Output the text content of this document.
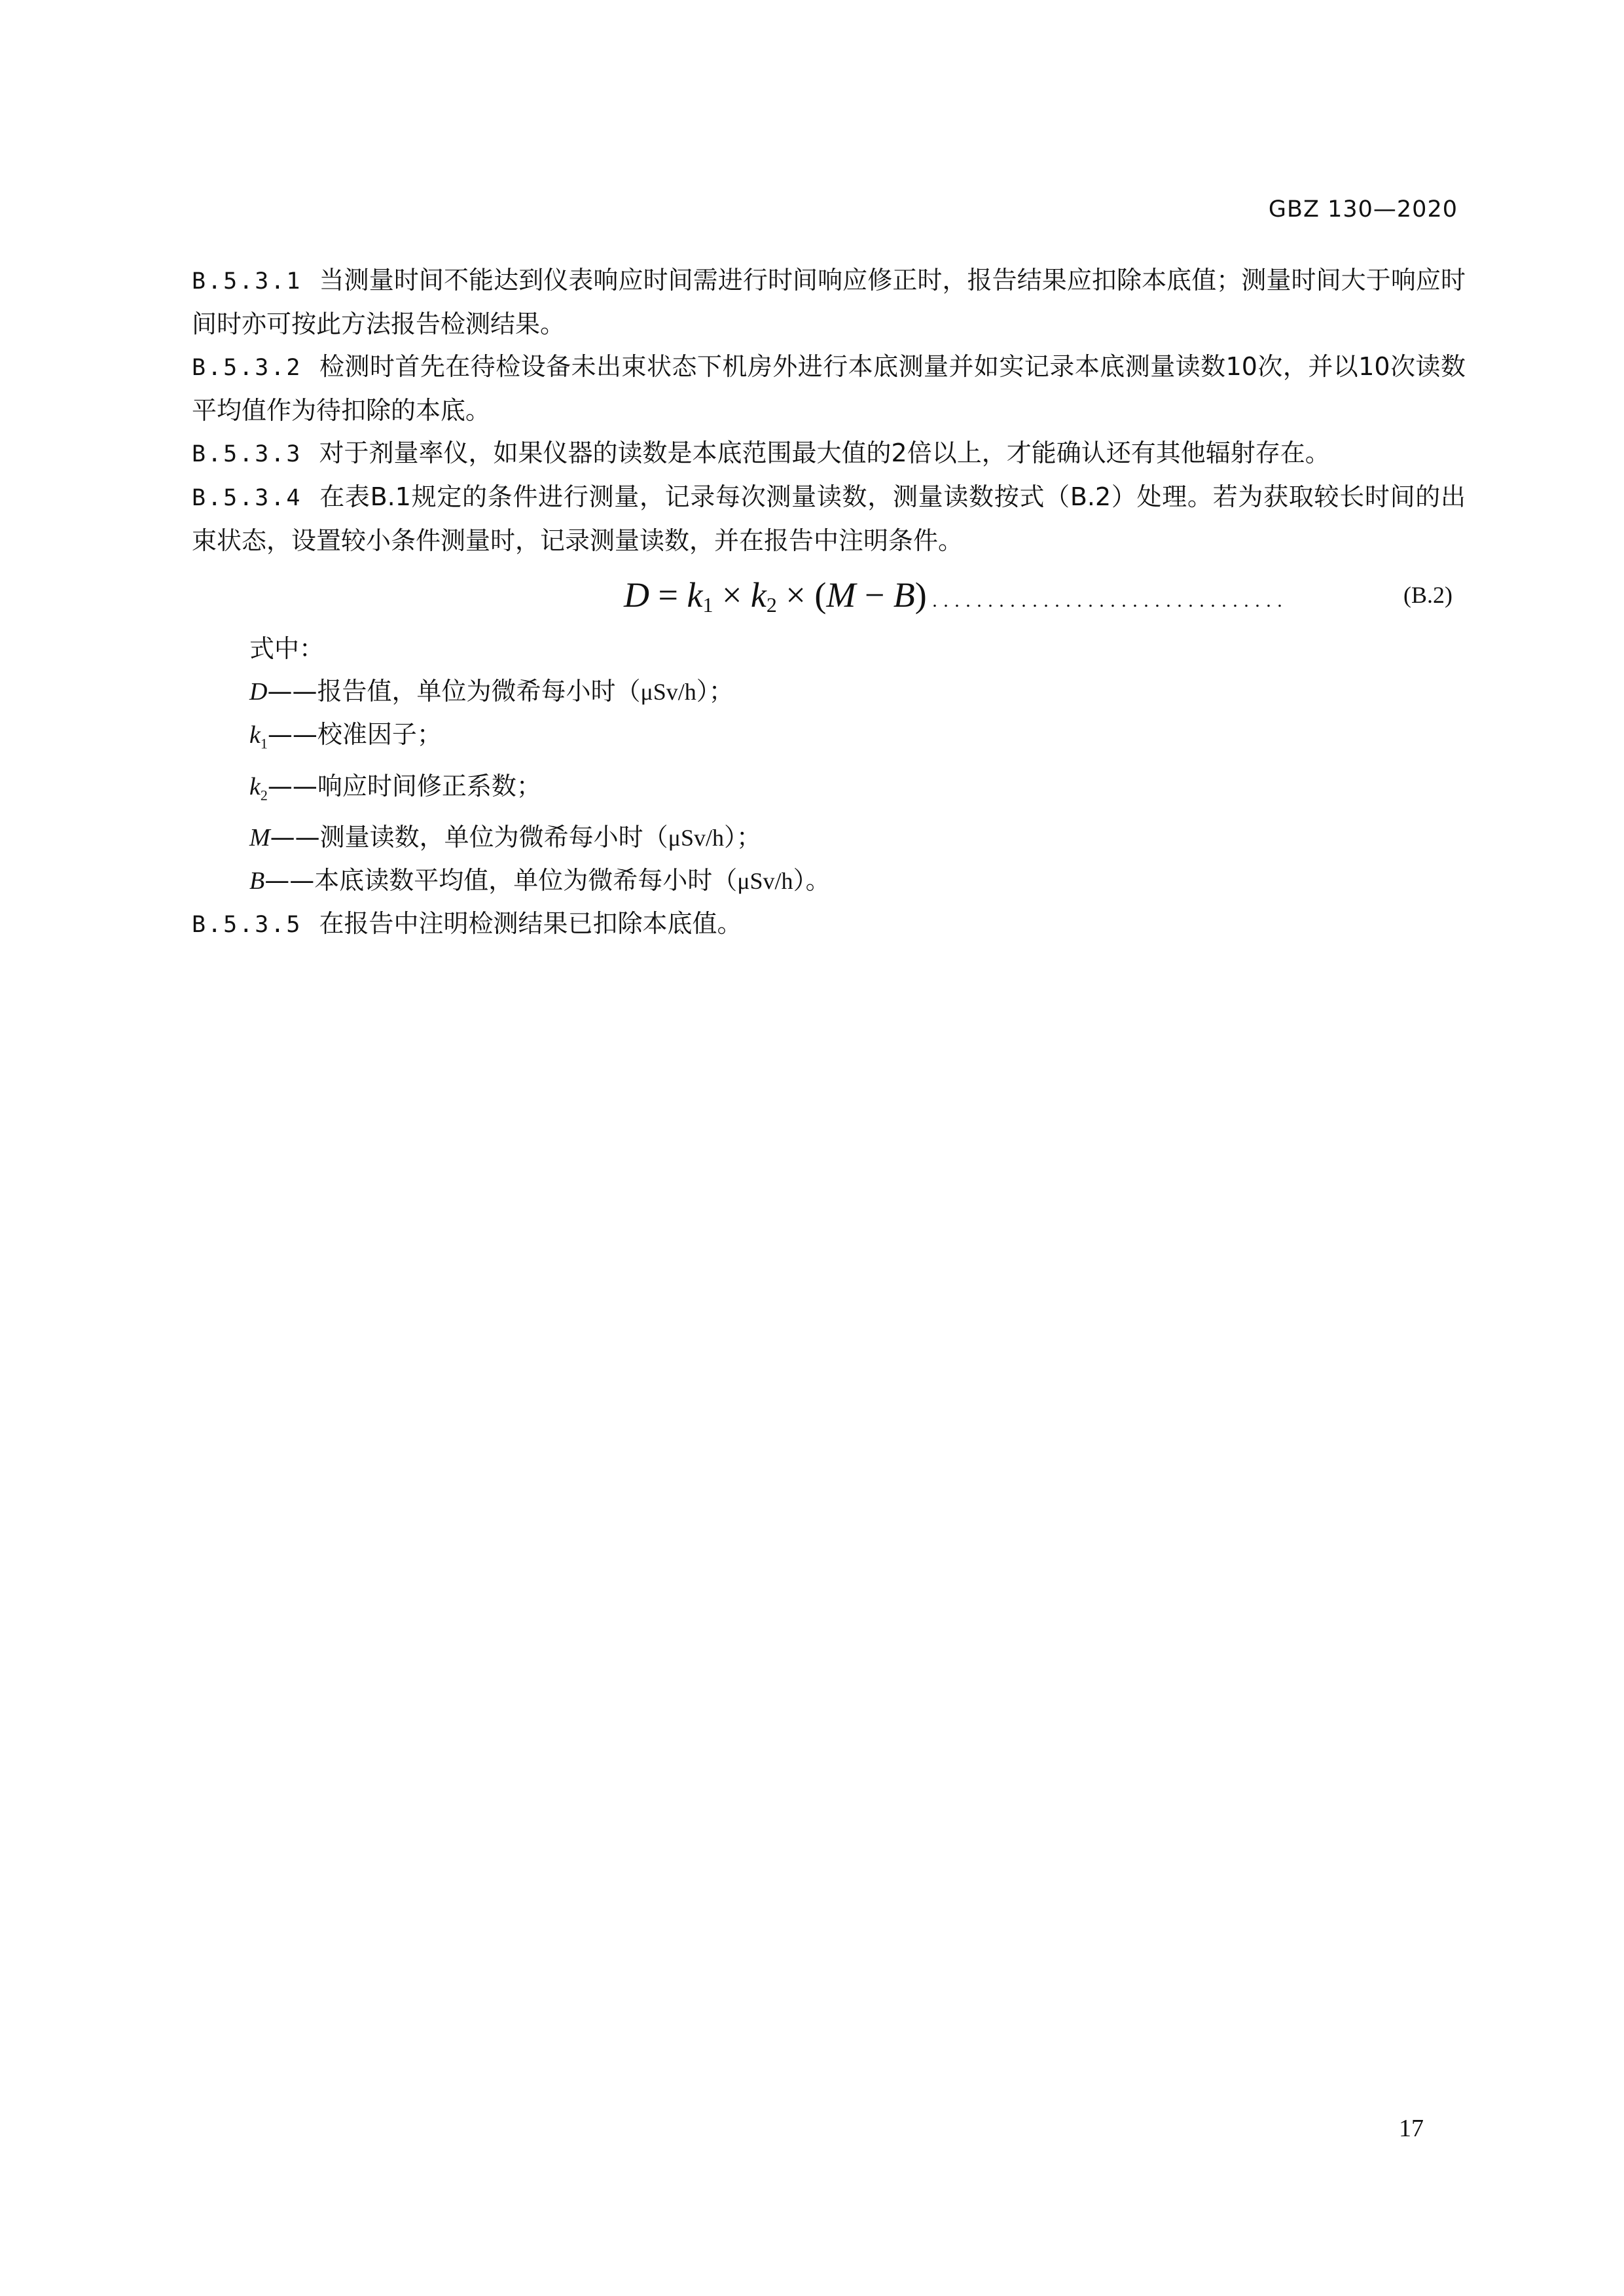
GBZ 130—2020

B.5.3.1 当测量时间不能达到仪表响应时间需进行时间响应修正时，报告结果应扣除本底值；测量时间大于响应时间时亦可按此方法报告检测结果。

B.5.3.2 检测时首先在待检设备未出束状态下机房外进行本底测量并如实记录本底测量读数10次，并以10次读数平均值作为待扣除的本底。

B.5.3.3 对于剂量率仪，如果仪器的读数是本底范围最大值的2倍以上，才能确认还有其他辐射存在。

B.5.3.4 在表B.1规定的条件进行测量，记录每次测量读数，测量读数按式（B.2）处理。若为获取较长时间的出束状态，设置较小条件测量时，记录测量读数，并在报告中注明条件。

$D = k_1 \times k_2 \times (M - B)$ . . . . . . . . . . . . . . . . . . . . . . . . . . . . . . . .	(B.2)

式中：

D——报告值，单位为微希每小时（μSv/h）；

$k_1——$校准因子；

$k_2——$响应时间修正系数；

M——测量读数，单位为微希每小时（μSv/h）；

B——本底读数平均值，单位为微希每小时（μSv/h）。

B.5.3.5 在报告中注明检测结果已扣除本底值。

17
